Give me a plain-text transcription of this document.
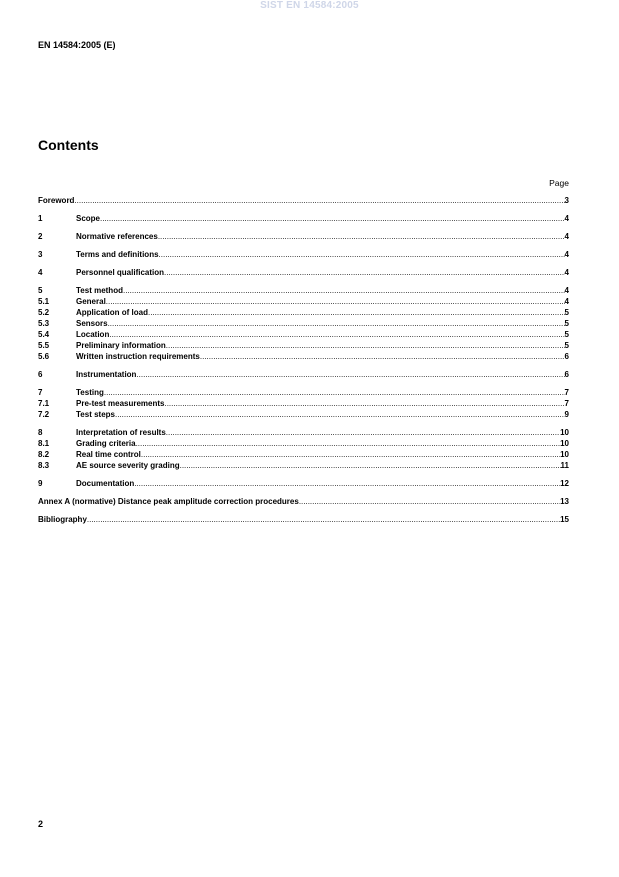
SIST EN 14584:2005
EN 14584:2005 (E)
Contents
Page
Foreword .....	3
1	Scope .....	4
2	Normative references .....	4
3	Terms and definitions .....	4
4	Personnel qualification .....	4
5	Test method .....	4
5.1	General .....	4
5.2	Application of load .....	5
5.3	Sensors .....	5
5.4	Location .....	5
5.5	Preliminary information .....	5
5.6	Written instruction requirements .....	6
6	Instrumentation .....	6
7	Testing .....	7
7.1	Pre-test measurements .....	7
7.2	Test steps .....	9
8	Interpretation of results .....	10
8.1	Grading criteria .....	10
8.2	Real time control .....	10
8.3	AE source severity grading .....	11
9	Documentation .....	12
Annex A (normative) Distance peak amplitude correction procedures .....	13
Bibliography .....	15
2
